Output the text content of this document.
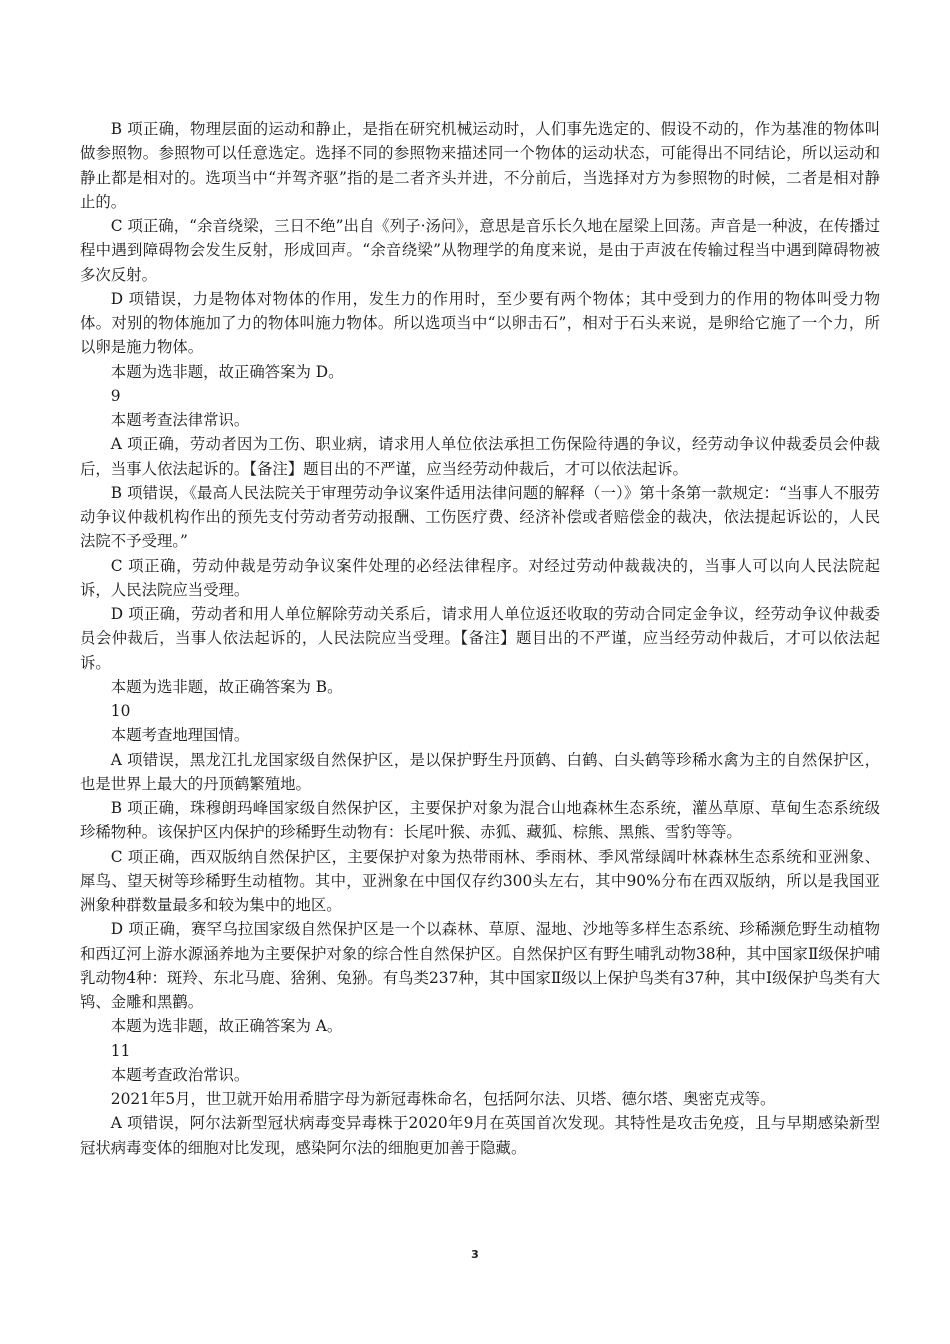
B 项正确，物理层面的运动和静止，是指在研究机械运动时，人们事先选定的、假设不动的，作为基准的物体叫做参照物。参照物可以任意选定。选择不同的参照物来描述同一个物体的运动状态，可能得出不同结论，所以运动和静止都是相对的。选项当中“并驾齐驱”指的是二者齐头并进，不分前后，当选择对方为参照物的时候，二者是相对静止的。

C 项正确，“余音绕梁，三日不绝”出自《列子·汤问》，意思是音乐长久地在屋梁上回荡。声音是一种波，在传播过程中遇到障碍物会发生反射，形成回声。“余音绕梁”从物理学的角度来说，是由于声波在传输过程当中遇到障碍物被多次反射。

D 项错误，力是物体对物体的作用，发生力的作用时，至少要有两个物体；其中受到力的作用的物体叫受力物体。对别的物体施加了力的物体叫施力物体。所以选项当中“以卵击石”，相对于石头来说，是卵给它施了一个力，所以卵是施力物体。

本题为选非题，故正确答案为 D。

9

本题考查法律常识。

A 项正确，劳动者因为工伤、职业病，请求用人单位依法承担工伤保险待遇的争议，经劳动争议仲裁委员会仲裁后，当事人依法起诉的。【备注】题目出的不严谨，应当经劳动仲裁后，才可以依法起诉。

B 项错误，《最高人民法院关于审理劳动争议案件适用法律问题的解释（一）》第十条第一款规定：“当事人不服劳动争议仲裁机构作出的预先支付劳动者劳动报酬、工伤医疗费、经济补偿或者赔偿金的裁决，依法提起诉讼的，人民法院不予受理。”

C 项正确，劳动仲裁是劳动争议案件处理的必经法律程序。对经过劳动仲裁裁决的，当事人可以向人民法院起诉，人民法院应当受理。

D 项正确，劳动者和用人单位解除劳动关系后，请求用人单位返还收取的劳动合同定金争议，经劳动争议仲裁委员会仲裁后，当事人依法起诉的，人民法院应当受理。【备注】题目出的不严谨，应当经劳动仲裁后，才可以依法起诉。

本题为选非题，故正确答案为 B。

10

本题考查地理国情。

A 项错误，黑龙江扎龙国家级自然保护区，是以保护野生丹顶鹤、白鹤、白头鹤等珍稀水禽为主的自然保护区，也是世界上最大的丹顶鹤繁殖地。

B 项正确，珠穆朗玛峰国家级自然保护区，主要保护对象为混合山地森林生态系统，灌丛草原、草甸生态系统级珍稀物种。该保护区内保护的珍稀野生动物有：长尾叶猴、赤狐、藏狐、棕熊、黑熊、雪豹等等。

C 项正确，西双版纳自然保护区，主要保护对象为热带雨林、季雨林、季风常绿阔叶林森林生态系统和亚洲象、犀鸟、望天树等珍稀野生动植物。其中，亚洲象在中国仅存约300头左右，其中90%分布在西双版纳，所以是我国亚洲象种群数量最多和较为集中的地区。

D 项正确，赛罕乌拉国家级自然保护区是一个以森林、草原、湿地、沙地等多样生态系统、珍稀濒危野生动植物和西辽河上游水源涵养地为主要保护对象的综合性自然保护区。自然保护区有野生哺乳动物38种，其中国家Ⅱ级保护哺乳动物4种：斑羚、东北马鹿、猞猁、兔狲。有鸟类237种，其中国家Ⅱ级以上保护鸟类有37种，其中Ⅰ级保护鸟类有大鸨、金雕和黑鹳。

本题为选非题，故正确答案为 A。

11

本题考查政治常识。

2021年5月，世卫就开始用希腊字母为新冠毒株命名，包括阿尔法、贝塔、德尔塔、奥密克戎等。

A 项错误，阿尔法新型冠状病毒变异毒株于2020年9月在英国首次发现。其特性是攻击免疫，且与早期感染新型冠状病毒变体的细胞对比发现，感染阿尔法的细胞更加善于隐藏。

3
